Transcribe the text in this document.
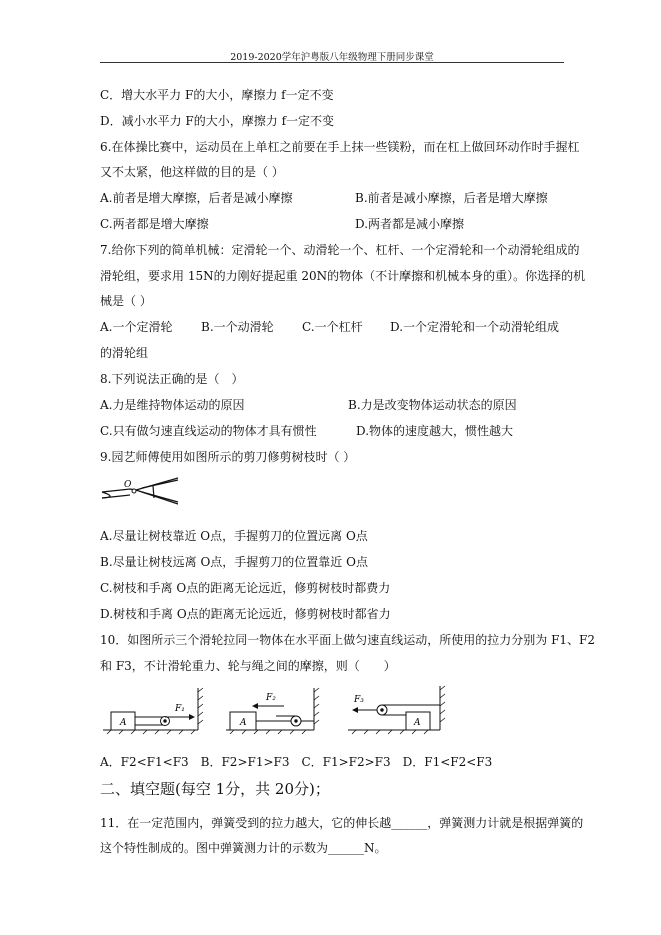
2019-2020学年沪粤版八年级物理下册同步课堂
C．增大水平力 F的大小，摩擦力 f一定不变
D．减小水平力 F的大小，摩擦力 f一定不变
6.在体操比赛中，运动员在上单杠之前要在手上抹一些镁粉，而在杠上做回环动作时手握杠
又不太紧，他这样做的目的是（ ）
A.前者是增大摩擦，后者是减小摩擦	B.前者是减小摩擦，后者是增大摩擦
C.两者都是增大摩擦	D.两者都是减小摩擦
7.给你下列的简单机械：定滑轮一个、动滑轮一个、杠杆、一个定滑轮和一个动滑轮组成的
滑轮组，要求用 15N的力刚好提起重 20N的物体（不计摩擦和机械本身的重）。你选择的机
械是（ ）
A.一个定滑轮 B.一个动滑轮 C.一个杠杆 D.一个定滑轮和一个动滑轮组成
的滑轮组
8.下列说法正确的是（　）
A.力是维持物体运动的原因	B.力是改变物体运动状态的原因
C.只有做匀速直线运动的物体才具有惯性	D.物体的速度越大，惯性越大
9.园艺师傅使用如图所示的剪刀修剪树枝时（ ）
O
A.尽量让树枝靠近 O点，手握剪刀的位置远离 O点
B.尽量让树枝远离 O点，手握剪刀的位置靠近 O点
C.树枝和手离 O点的距离无论远近，修剪树枝时都费力
D.树枝和手离 O点的距离无论远近，修剪树枝时都省力
10．如图所示三个滑轮拉同一物体在水平面上做匀速直线运动，所使用的拉力分别为 F1、F2
和 F3，不计滑轮重力、轮与绳之间的摩擦，则（　　）
A
F₁
A
F₂
A
F₃
A．F2<F1<F3　B．F2>F1>F3　C．F1>F2>F3　D．F1<F2<F3
二、填空题(每空 1分，共 20分)；
11．在一定范围内，弹簧受到的拉力越大，它的伸长越______，弹簧测力计就是根据弹簧的
这个特性制成的。图中弹簧测力计的示数为______N。
